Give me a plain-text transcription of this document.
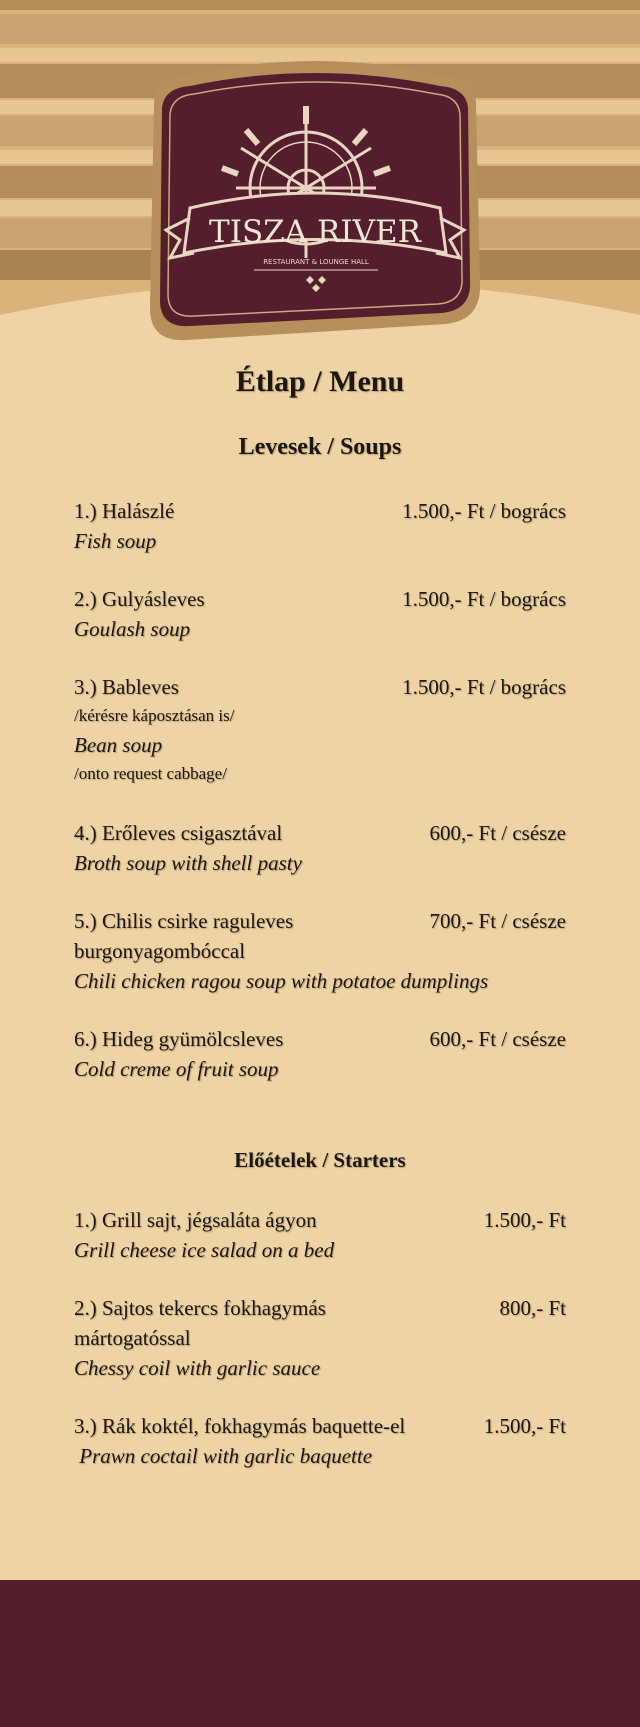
TISZA RIVER
RESTAURANT & LOUNGE HALL
Étlap / Menu
Levesek / Soups
1.) Halászlé	1.500,- Ft / bogrács
Fish soup
2.) Gulyásleves	1.500,- Ft / bogrács
Goulash soup
3.) Bableves	1.500,- Ft / bogrács
/kérésre káposztásan is/
Bean soup
/onto request cabbage/
4.) Erőleves csigasztával	600,- Ft / csésze
Broth soup with shell pasty
5.) Chilis csirke raguleves	700,- Ft / csésze
burgonyagombóccal
Chili chicken ragou soup with potatoe dumplings
6.) Hideg gyümölcsleves	600,- Ft / csésze
Cold creme of fruit soup
Előételek / Starters
1.) Grill sajt, jégsaláta ágyon	1.500,- Ft
Grill cheese ice salad on a bed
2.) Sajtos tekercs fokhagymás	800,- Ft
mártogatóssal
Chessy coil with garlic sauce
3.) Rák koktél, fokhagymás baquette-el	1.500,- Ft
Prawn coctail with garlic baquette
